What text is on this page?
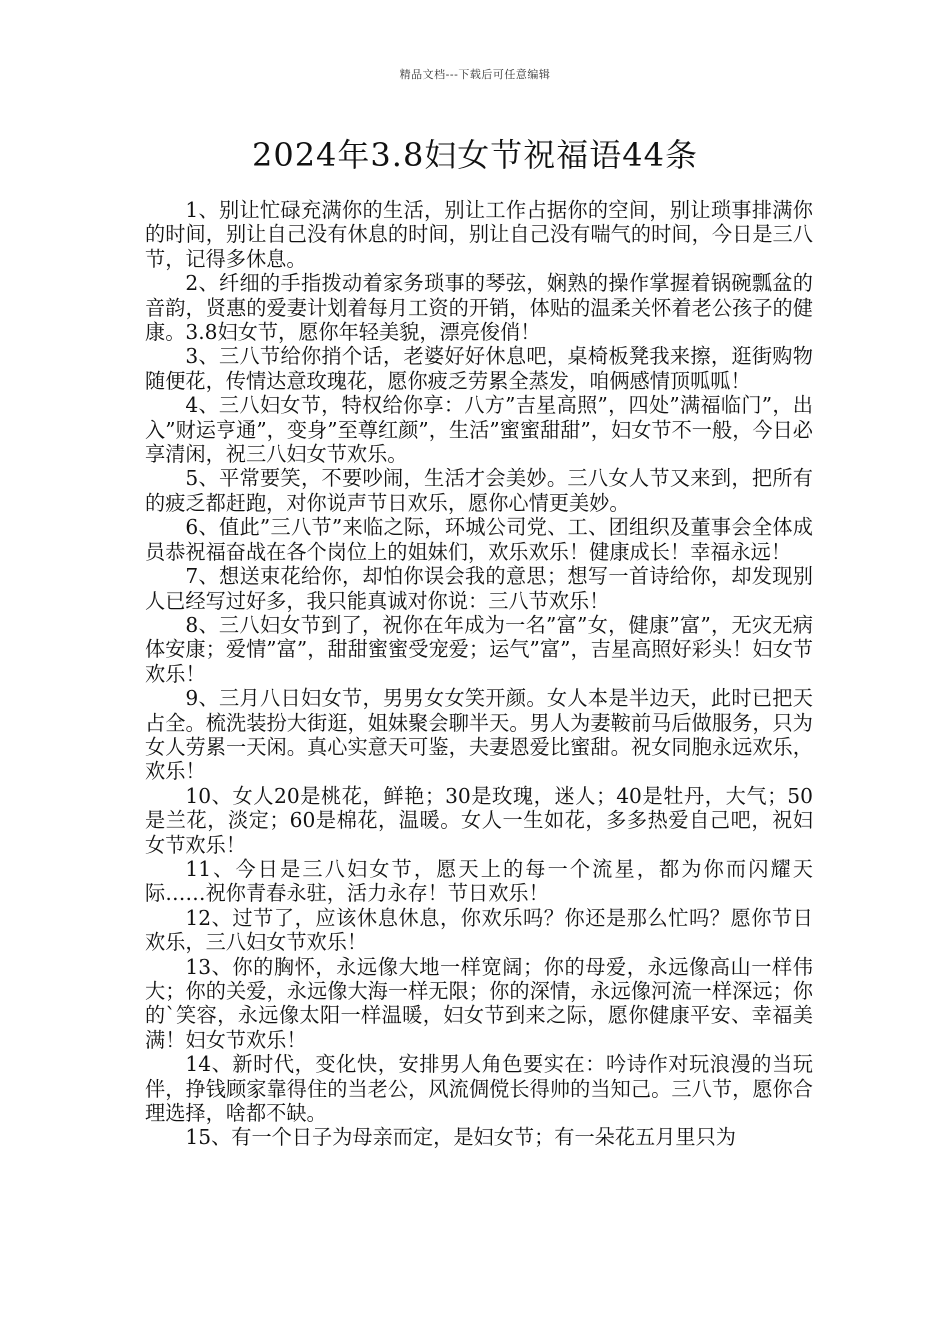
精品文档---下载后可任意编辑
2024年3.8妇女节祝福语44条

1、别让忙碌充满你的生活，别让工作占据你的空间，别让琐事排满你的时间，别让自己没有休息的时间，别让自己没有喘气的时间，今日是三八节，记得多休息。

2、纤细的手指拨动着家务琐事的琴弦，娴熟的操作掌握着锅碗瓢盆的音韵，贤惠的爱妻计划着每月工资的开销，体贴的温柔关怀着老公孩子的健康。3.8妇女节，愿你年轻美貌，漂亮俊俏！

3、三八节给你捎个话，老婆好好休息吧，桌椅板凳我来擦，逛街购物随便花，传情达意玫瑰花，愿你疲乏劳累全蒸发，咱俩感情顶呱呱！

4、三八妇女节，特权给你享：八方”吉星高照”，四处”满福临门”，出入”财运亨通”，变身”至尊红颜”，生活”蜜蜜甜甜”，妇女节不一般，今日必享清闲，祝三八妇女节欢乐。

5、平常要笑，不要吵闹，生活才会美妙。三八女人节又来到，把所有的疲乏都赶跑，对你说声节日欢乐，愿你心情更美妙。

6、值此”三八节”来临之际，环城公司党、工、团组织及董事会全体成员恭祝福奋战在各个岗位上的姐妹们，欢乐欢乐！健康成长！幸福永远！

7、想送束花给你，却怕你误会我的意思；想写一首诗给你，却发现别人已经写过好多，我只能真诚对你说：三八节欢乐！

8、三八妇女节到了，祝你在年成为一名”富”女，健康”富”，无灾无病体安康；爱情”富”，甜甜蜜蜜受宠爱；运气”富”，吉星高照好彩头！妇女节欢乐！

9、三月八日妇女节，男男女女笑开颜。女人本是半边天，此时已把天占全。梳洗装扮大街逛，姐妹聚会聊半天。男人为妻鞍前马后做服务，只为女人劳累一天闲。真心实意天可鉴，夫妻恩爱比蜜甜。祝女同胞永远欢乐，欢乐！

10、女人20是桃花，鲜艳；30是玫瑰，迷人；40是牡丹，大气；50是兰花，淡定；60是棉花，温暖。女人一生如花，多多热爱自己吧，祝妇女节欢乐！

11、今日是三八妇女节，愿天上的每一个流星，都为你而闪耀天际……祝你青春永驻，活力永存！节日欢乐！

12、过节了，应该休息休息，你欢乐吗？你还是那么忙吗？愿你节日欢乐，三八妇女节欢乐！

13、你的胸怀，永远像大地一样宽阔；你的母爱，永远像高山一样伟大；你的关爱，永远像大海一样无限；你的深情，永远像河流一样深远；你的`笑容，永远像太阳一样温暖，妇女节到来之际，愿你健康平安、幸福美满！妇女节欢乐！

14、新时代，变化快，安排男人角色要实在：吟诗作对玩浪漫的当玩伴，挣钱顾家靠得住的当老公，风流倜傥长得帅的当知己。三八节，愿你合理选择，啥都不缺。

15、有一个日子为母亲而定，是妇女节；有一朵花五月里只为
